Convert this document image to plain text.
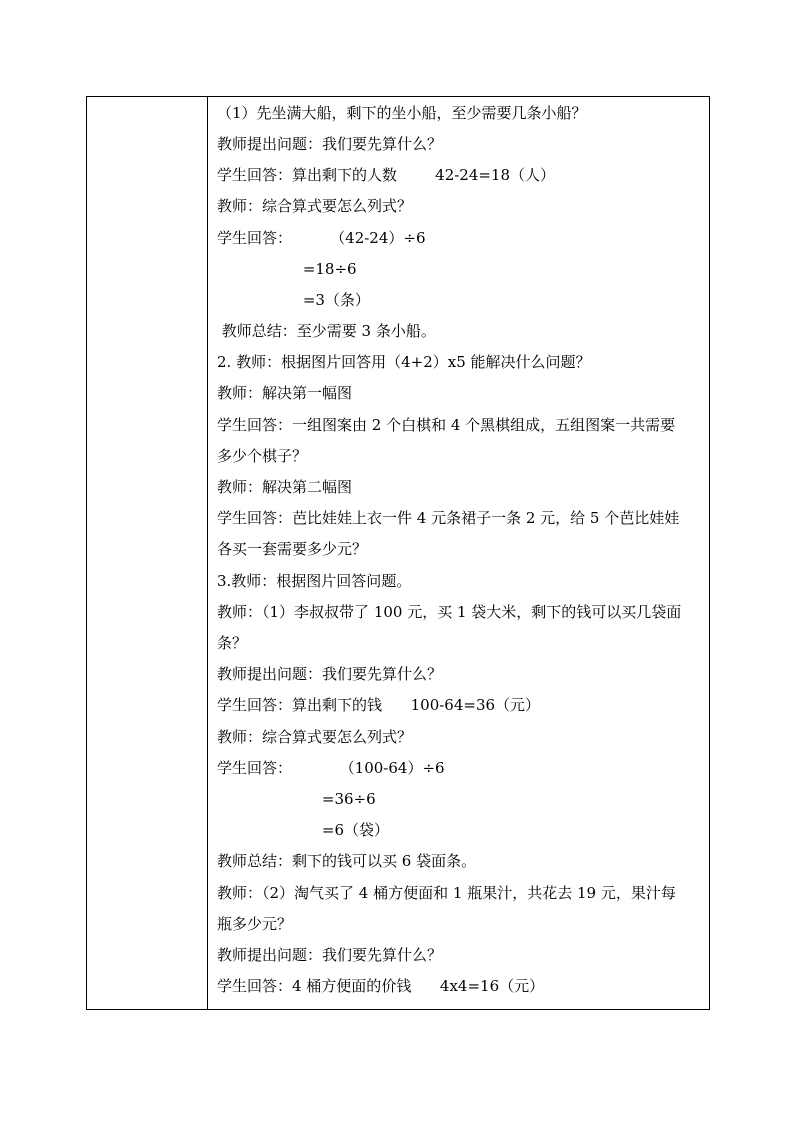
（1）先坐满大船，剩下的坐小船，至少需要几条小船？
教师提出问题：我们要先算什么？
学生回答：算出剩下的人数        42-24=18（人）
教师：综合算式要怎么列式？
学生回答：        （42-24）÷6
=18÷6
=3（条）
教师总结：至少需要 3 条小船。
2. 教师：根据图片回答用（4+2）x5 能解决什么问题？
教师：解决第一幅图
学生回答：一组图案由 2 个白棋和 4 个黑棋组成，五组图案一共需要
多少个棋子？
教师：解决第二幅图
学生回答：芭比娃娃上衣一件 4 元条裙子一条 2 元，给 5 个芭比娃娃
各买一套需要多少元？
3.教师：根据图片回答问题。
教师：（1）李叔叔带了 100 元，买 1 袋大米，剩下的钱可以买几袋面
条？
教师提出问题：我们要先算什么？
学生回答：算出剩下的钱      100-64=36（元）
教师：综合算式要怎么列式？
学生回答：          （100-64）÷6
=36÷6
=6（袋）
教师总结：剩下的钱可以买 6 袋面条。
教师：（2）淘气买了 4 桶方便面和 1 瓶果汁，共花去 19 元，果汁每
瓶多少元？
教师提出问题：我们要先算什么？
学生回答：4 桶方便面的价钱      4x4=16（元）
